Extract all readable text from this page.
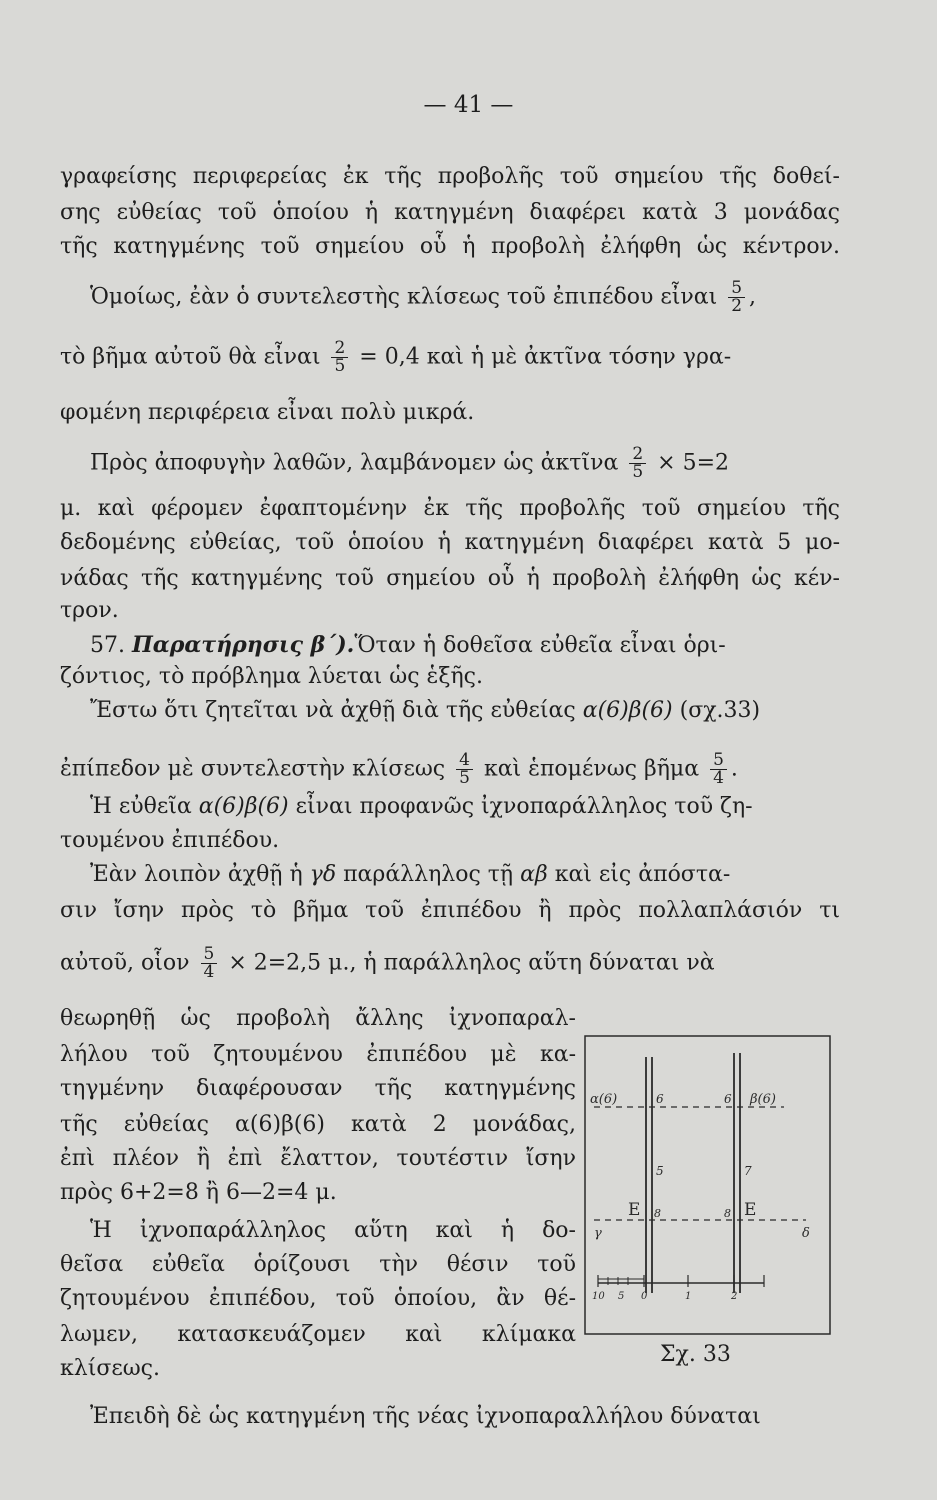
— 41 —
γραφείσης περιφερείας ἐκ τῆς προβολῆς τοῦ σημείου τῆς δοθεί-
σης εὐθείας τοῦ ὁποίου ἡ κατηγμένη διαφέρει κατὰ 3 μονάδας
τῆς κατηγμένης τοῦ σημείου οὗ ἡ προβολὴ ἐλήφθη ὡς κέντρον.
Ὁμοίως, ἐὰν ὁ συντελεστὴς κλίσεως τοῦ ἐπιπέδου εἶναι $\frac{5}{2}$ ,
τὸ βῆμα αὐτοῦ θὰ εἶναι $\frac{2}{5} = 0,4$ καὶ ἡ μὲ ἀκτῖνα τόσην γρα-
φομένη περιφέρεια εἶναι πολὺ μικρά.
Πρὸς ἀποφυγὴν λαθῶν, λαμβάνομεν ὡς ἀκτῖνα $\frac{2}{5} \times 5=2$
μ. καὶ φέρομεν ἐφαπτομένην ἐκ τῆς προβολῆς τοῦ σημείου τῆς
δεδομένης εὐθείας, τοῦ ὁποίου ἡ κατηγμένη διαφέρει κατὰ 5 μο-
νάδας τῆς κατηγμένης τοῦ σημείου οὗ ἡ προβολὴ ἐλήφθη ὡς κέν-
τρον.
57. Παρατήρησις β΄).Ὅταν ἡ δοθεῖσα εὐθεῖα εἶναι ὁρι-
ζόντιος, τὸ πρόβλημα λύεται ὡς ἑξῆς.
Ἔστω ὅτι ζητεῖται νὰ ἀχθῇ διὰ τῆς εὐθείας α(6)β(6) (σχ.33)
ἐπίπεδον μὲ συντελεστὴν κλίσεως $\frac{4}{5}$ καὶ ἑπομένως βῆμα $\frac{5}{4}$ .
Ἡ εὐθεῖα α(6)β(6) εἶναι προφανῶς ἰχνοπαράλληλος τοῦ ζη-
τουμένου ἐπιπέδου.
Ἐὰν λοιπὸν ἀχθῇ ἡ γδ παράλληλος τῇ αβ καὶ εἰς ἀπόστα-
σιν ἴσην πρὸς τὸ βῆμα τοῦ ἐπιπέδου ἢ πρὸς πολλαπλάσιόν τι
αὐτοῦ, οἷον $\frac{5}{4} \times 2=2,5$ μ., ἡ παράλληλος αὕτη δύναται νὰ
θεωρηθῇ ὡς προβολὴ ἄλλης ἰχνοπαραλ-
λήλου τοῦ ζητουμένου ἐπιπέδου μὲ κα-
τηγμένην διαφέρουσαν τῆς κατηγμένης
τῆς εὐθείας α(6)β(6) κατὰ 2 μονάδας,
ἐπὶ πλέον ἢ ἐπὶ ἔλαττον, τουτέστιν ἴσην
πρὸς 6+2=8 ἢ 6—2=4 μ.
Ἡ ἰχνοπαράλληλος αὕτη καὶ ἡ δο-
θεῖσα εὐθεῖα ὁρίζουσι τὴν θέσιν τοῦ
ζητουμένου ἐπιπέδου, τοῦ ὁποίου, ἂν θέ-
λωμεν, κατασκευάζομεν καὶ κλίμακα
κλίσεως.
Ἐπειδὴ δὲ ὡς κατηγμένη τῆς νέας ἰχνοπαραλλήλου δύναται
α(6)	6	6 β(6)
5	7
Ε	Ε
γ	δ
8	8
10 5 0	1	2
Σχ. 33
